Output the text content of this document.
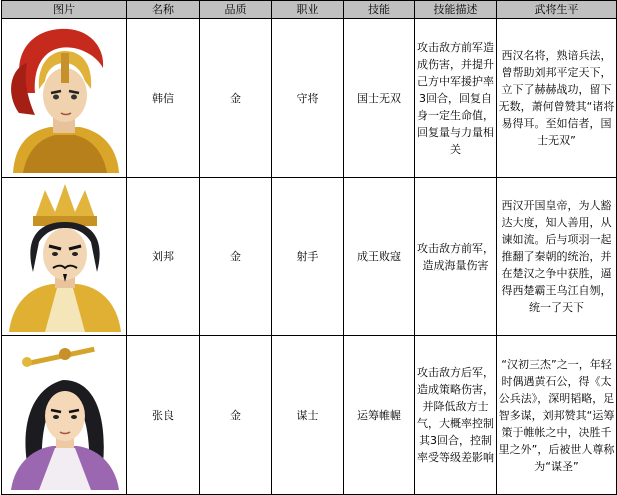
图片	名称	品质	职业	技能	技能描述	武将生平

	韩信	金	守将	国士无双	攻击敌方前军造成伤害，并提升己方中军援护率3回合，回复自身一定生命值，回复量与力量相关	西汉名将，熟谙兵法，曾帮助刘邦平定天下，立下了赫赫战功，留下无数，萧何曾赞其“诸将易得耳。至如信者，国士无双”

	刘邦	金	射手	成王败寇	攻击敌方前军，造成海量伤害	西汉开国皇帝，为人豁达大度，知人善用，从谏如流。后与项羽一起推翻了秦朝的统治，并在楚汉之争中获胜，逼得西楚霸王乌江自刎，统一了天下

	张良	金	谋士	运筹帷幄	攻击敌方后军，造成策略伤害，并降低敌方士气，大概率控制其3回合，控制率受等级差影响	“汉初三杰”之一，年轻时偶遇黄石公，得《太公兵法》，深明韬略，足智多谋，刘邦赞其“运筹策于帷帐之中，决胜千里之外”，后被世人尊称为“谋圣”
